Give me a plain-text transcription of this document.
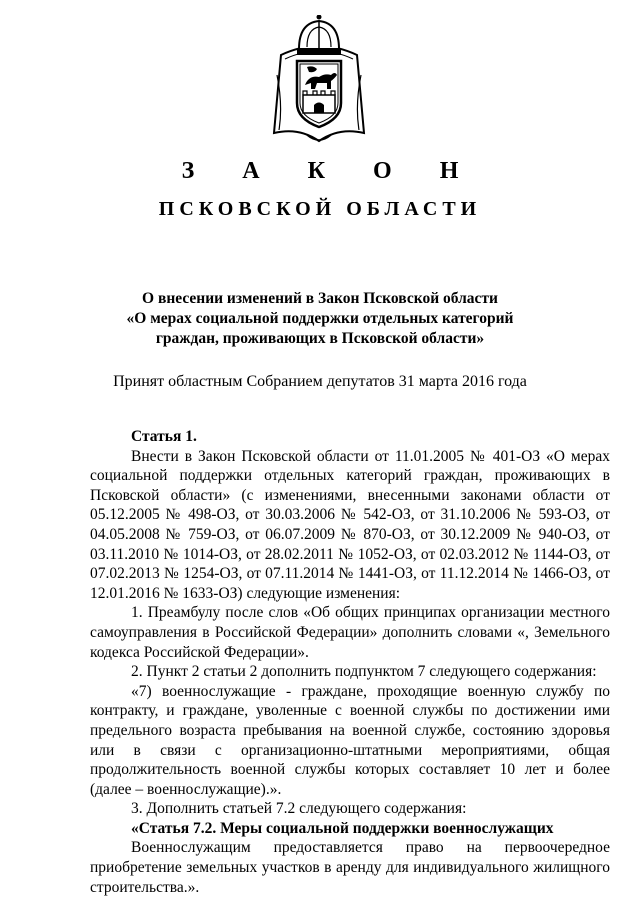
З А К О Н
ПСКОВСКОЙ ОБЛАСТИ
О внесении изменений в Закон Псковской области
«О мерах социальной поддержки отдельных категорий
граждан, проживающих в Псковской области»
Принят областным Собранием депутатов 31 марта 2016 года

Статья 1.

Внести в Закон Псковской области от 11.01.2005 № 401-ОЗ «О мерах социальной поддержки отдельных категорий граждан, проживающих в Псковской области» (с изменениями, внесенными законами области от 05.12.2005 № 498-ОЗ, от 30.03.2006 № 542-ОЗ, от 31.10.2006 № 593-ОЗ, от 04.05.2008 № 759-ОЗ, от 06.07.2009 № 870-ОЗ, от 30.12.2009 № 940-ОЗ, от 03.11.2010 № 1014-ОЗ, от 28.02.2011 № 1052-ОЗ, от 02.03.2012 № 1144-ОЗ, от 07.02.2013 № 1254-ОЗ, от 07.11.2014 № 1441-ОЗ, от 11.12.2014 № 1466-ОЗ, от 12.01.2016 № 1633-ОЗ) следующие изменения:

1. Преамбулу после слов «Об общих принципах организации местного самоуправления в Российской Федерации» дополнить словами «, Земельного кодекса Российской Федерации».

2. Пункт 2 статьи 2 дополнить подпунктом 7 следующего содержания:

«7) военнослужащие - граждане, проходящие военную службу по контракту, и граждане, уволенные с военной службы по достижении ими предельного возраста пребывания на военной службе, состоянию здоровья или в связи с организационно-штатными мероприятиями, общая продолжительность военной службы которых составляет 10 лет и более (далее – военнослужащие).».

3. Дополнить статьей 7.2 следующего содержания:

«Статья 7.2. Меры социальной поддержки военнослужащих

Военнослужащим предоставляется право на первоочередное приобретение земельных участков в аренду для индивидуального жилищного строительства.».
